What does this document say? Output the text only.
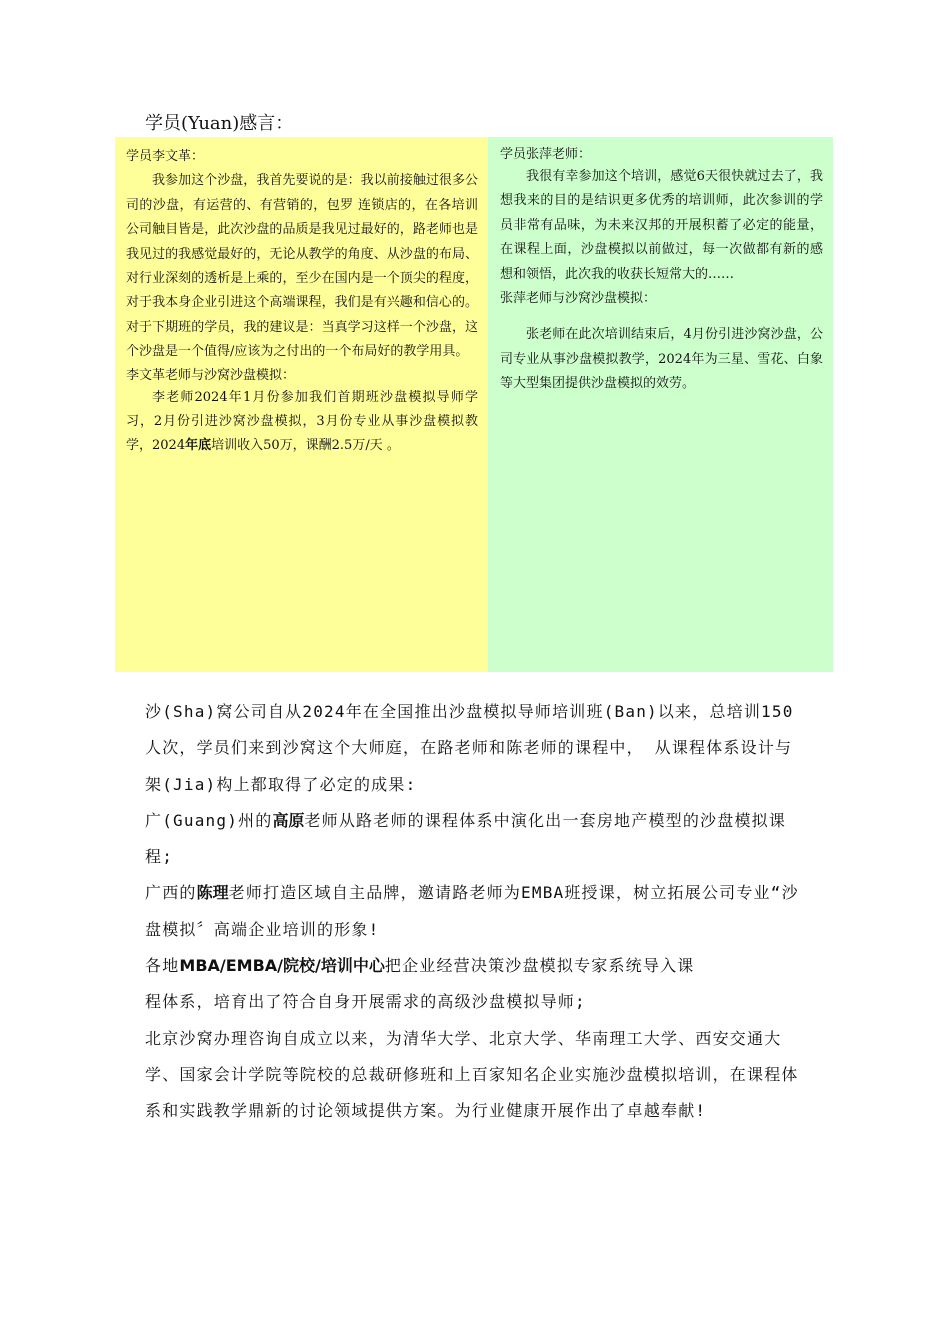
学员(Yuan)感言：

学员李文革：

我参加这个沙盘，我首先要说的是：我以前接触过很多公司的沙盘，有运营的、有营销的，包罗 连锁店的，在各培训公司触目皆是，此次沙盘的品质是我见过最好的，路老师也是我见过的我感觉最好的，无论从教学的角度、从沙盘的布局、对行业深刻的透析是上乘的，至少在国内是一个顶尖的程度，对于我本身企业引进这个高端课程，我们是有兴趣和信心的。对于下期班的学员，我的建议是：当真学习这样一个沙盘，这个沙盘是一个值得/应该为之付出的一个布局好的教学用具。

李文革老师与沙窝沙盘模拟：

李老师2024年1月份参加我们首期班沙盘模拟导师学习，2月份引进沙窝沙盘模拟，3月份专业从事沙盘模拟教学，2024年底培训收入50万，课酬2.5万/天 。

学员张萍老师：

我很有幸参加这个培训，感觉6天很快就过去了，我想我来的目的是结识更多优秀的培训师，此次参训的学员非常有品味，为未来汉邦的开展积蓄了必定的能量，在课程上面，沙盘模拟以前做过，每一次做都有新的感想和领悟，此次我的收获长短常大的……

张萍老师与沙窝沙盘模拟：

张老师在此次培训结束后，4月份引进沙窝沙盘，公司专业从事沙盘模拟教学，2024年为三星、雪花、白象等大型集团提供沙盘模拟的效劳。

沙(Sha)窝公司自从2024年在全国推出沙盘模拟导师培训班(Ban)以来，总培训150人次，学员们来到沙窝这个大师庭，在路老师和陈老师的课程中， 从课程体系设计与架(Jia)构上都取得了必定的成果:

广(Guang)州的高原老师从路老师的课程体系中演化出一套房地产模型的沙盘模拟课程;

广西的陈理老师打造区域自主品牌，邀请路老师为EMBA班授课，树立拓展公司专业“沙盘模拟〞高端企业培训的形象!

各地MBA/EMBA/院校/培训中心把企业经营决策沙盘模拟专家系统导入课

程体系，培育出了符合自身开展需求的高级沙盘模拟导师;

北京沙窝办理咨询自成立以来，为清华大学、北京大学、华南理工大学、西安交通大学、国家会计学院等院校的总裁研修班和上百家知名企业实施沙盘模拟培训，在课程体系和实践教学鼎新的讨论领域提供方案。为行业健康开展作出了卓越奉献!
